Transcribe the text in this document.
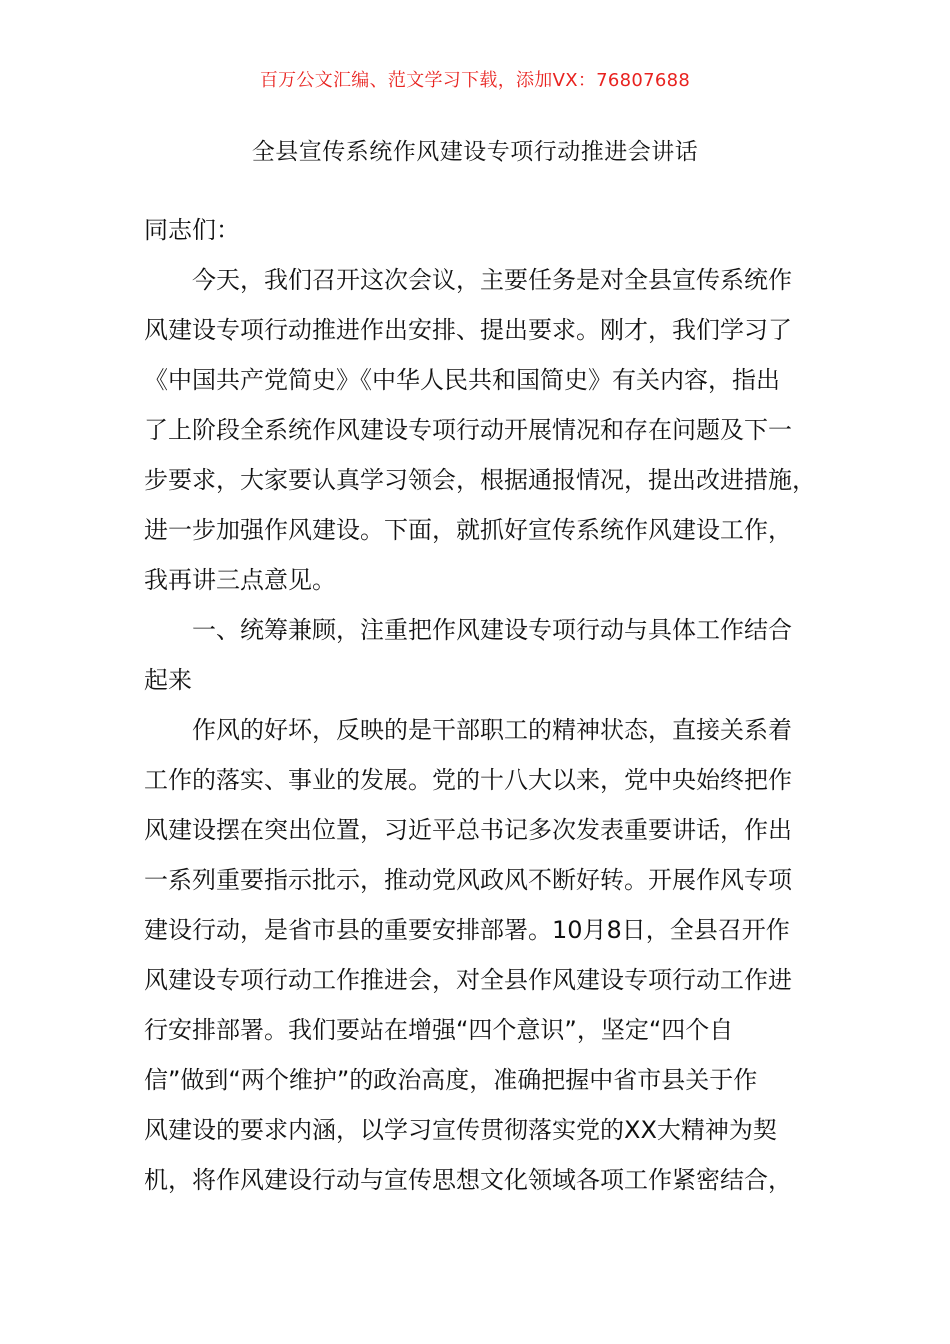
百万公文汇编、范文学习下载，添加VX：76807688
全县宣传系统作风建设专项行动推进会讲话
同志们：
今天，我们召开这次会议，主要任务是对全县宣传系统作
风建设专项行动推进作出安排、提出要求。刚才，我们学习了
《中国共产党简史》《中华人民共和国简史》有关内容，指出
了上阶段全系统作风建设专项行动开展情况和存在问题及下一
步要求，大家要认真学习领会，根据通报情况，提出改进措施，
进一步加强作风建设。下面，就抓好宣传系统作风建设工作，
我再讲三点意见。
一、统筹兼顾，注重把作风建设专项行动与具体工作结合
起来
作风的好坏，反映的是干部职工的精神状态，直接关系着
工作的落实、事业的发展。党的十八大以来，党中央始终把作
风建设摆在突出位置，习近平总书记多次发表重要讲话，作出
一系列重要指示批示，推动党风政风不断好转。开展作风专项
建设行动，是省市县的重要安排部署。10月8日，全县召开作
风建设专项行动工作推进会，对全县作风建设专项行动工作进
行安排部署。我们要站在增强“四个意识”，坚定“四个自
信”做到“两个维护”的政治高度，准确把握中省市县关于作
风建设的要求内涵，以学习宣传贯彻落实党的XX大精神为契
机，将作风建设行动与宣传思想文化领域各项工作紧密结合，
